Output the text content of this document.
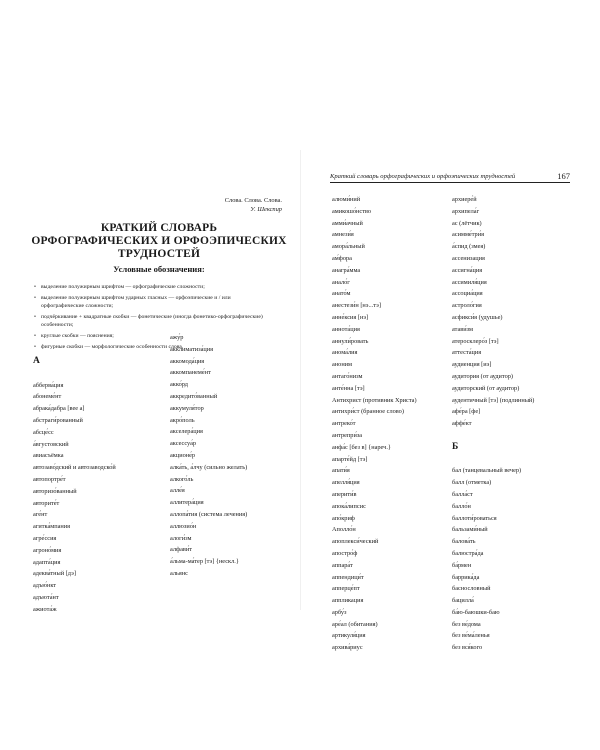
Слова. Слова. Слова.
У. Шекспир
КРАТКИЙ СЛОВАРЬ
ОРФОГРАФИЧЕСКИХ И ОРФОЭПИЧЕСКИХ
ТРУДНОСТЕЙ
Условные обозначения:
• выделение полужирным шрифтом — орфографические сложности;
• выделение полужирным шрифтом ударных гласных — орфоэпические и / или орфографические сложности;
• подчёркивание + квадратные скобки — фонетические (иногда фонетико-орфографические) особенности;
• круглые скобки — пояснения;
• фигурные скобки — морфологические особенности слова.
А
абберва́ция
абонеме́нт
абрака́дабра [вее а]
абстраги́рованный
абсце́сс
а́вгустовский
авиасъёмка
автозаво́дский и автозаводско́й
автопортре́т
авторизо́ванный
авторите́т
аге́нт
агитка́мпания
агре́ссия
агроно́мия
адапта́ция
адеква́тный [дэ]
адъю́нкт
адъюта́нт
ажиота́ж
ажу́р
акклиматиза́ция
аккомода́ция
аккомпанеме́нт
акко́рд
аккредито́ванный
аккумуля́тор
акро́поль
акселера́ция
аксессуа́р
акционе́р
алка́ть, а́лчу (сильно желать)
алкого́ль
алле́я
аллитера́ция
аллопа́тия (система лечения)
аллюзио́н
алоги́зм
алфави́т
а́льма-ма́тер [тэ] {нескл.}
альянс
Краткий словарь орфографических и орфоэпических трудностей	167
алюми́ний
амикошо́нство
амми́ачный
амнези́я
амора́льный
ам́фора
анагра́мма
анало́г
анато́м
анестези́н [нэ...тэ]
анне́ксия [нэ]
аннота́ция
аннули́ровать
анома́лия
аноним
антаго́низм
анте́нна [тэ]
Антихрист (противник Христа)
антихри́ст (бранное слово)
антреко́т
антрепри́за
анфа́с [без в] {нареч.}
апарте́йд [тэ]
апати́я
апелля́ция
аперити́в
апока́липсис
апо́криф
Аполло́н
апоплекси́ческий
апостро́ф
аппара́т
аппендици́т
апперце́пт
аппликация
арбу́з
аре́ал (обитания)
артикуля́ция
архива́риус
архиере́й
архипела́г
ас (лётчик)
асимме́три́я
а́спид (змея)
ассенизация
ассигна́ция
ассимиля́ция
ассоциа́ция
астроло́гия
асфикси́я (удушье)
атави́зм
атеросклеро́з [тэ]
аттеста́ция
аудиенция [иэ]
аудитория (от аудитор)
аудиторский (от аудитор)
аудентичный [тэ] (подлинный)
афе́ра [фе]
аффе́кт
Б
бал (танцевальный вечер)
балл (отметка)
балла́ст
балло́н
баллоти́роваться
бальзами́ный
балова́ть
балюстра́да
ба́рмен
баррика́да
баснословный
бацилла́
ба́ю-баюшки-баю
без ве́дома
без ве́ма́ленья
без вся́кого
